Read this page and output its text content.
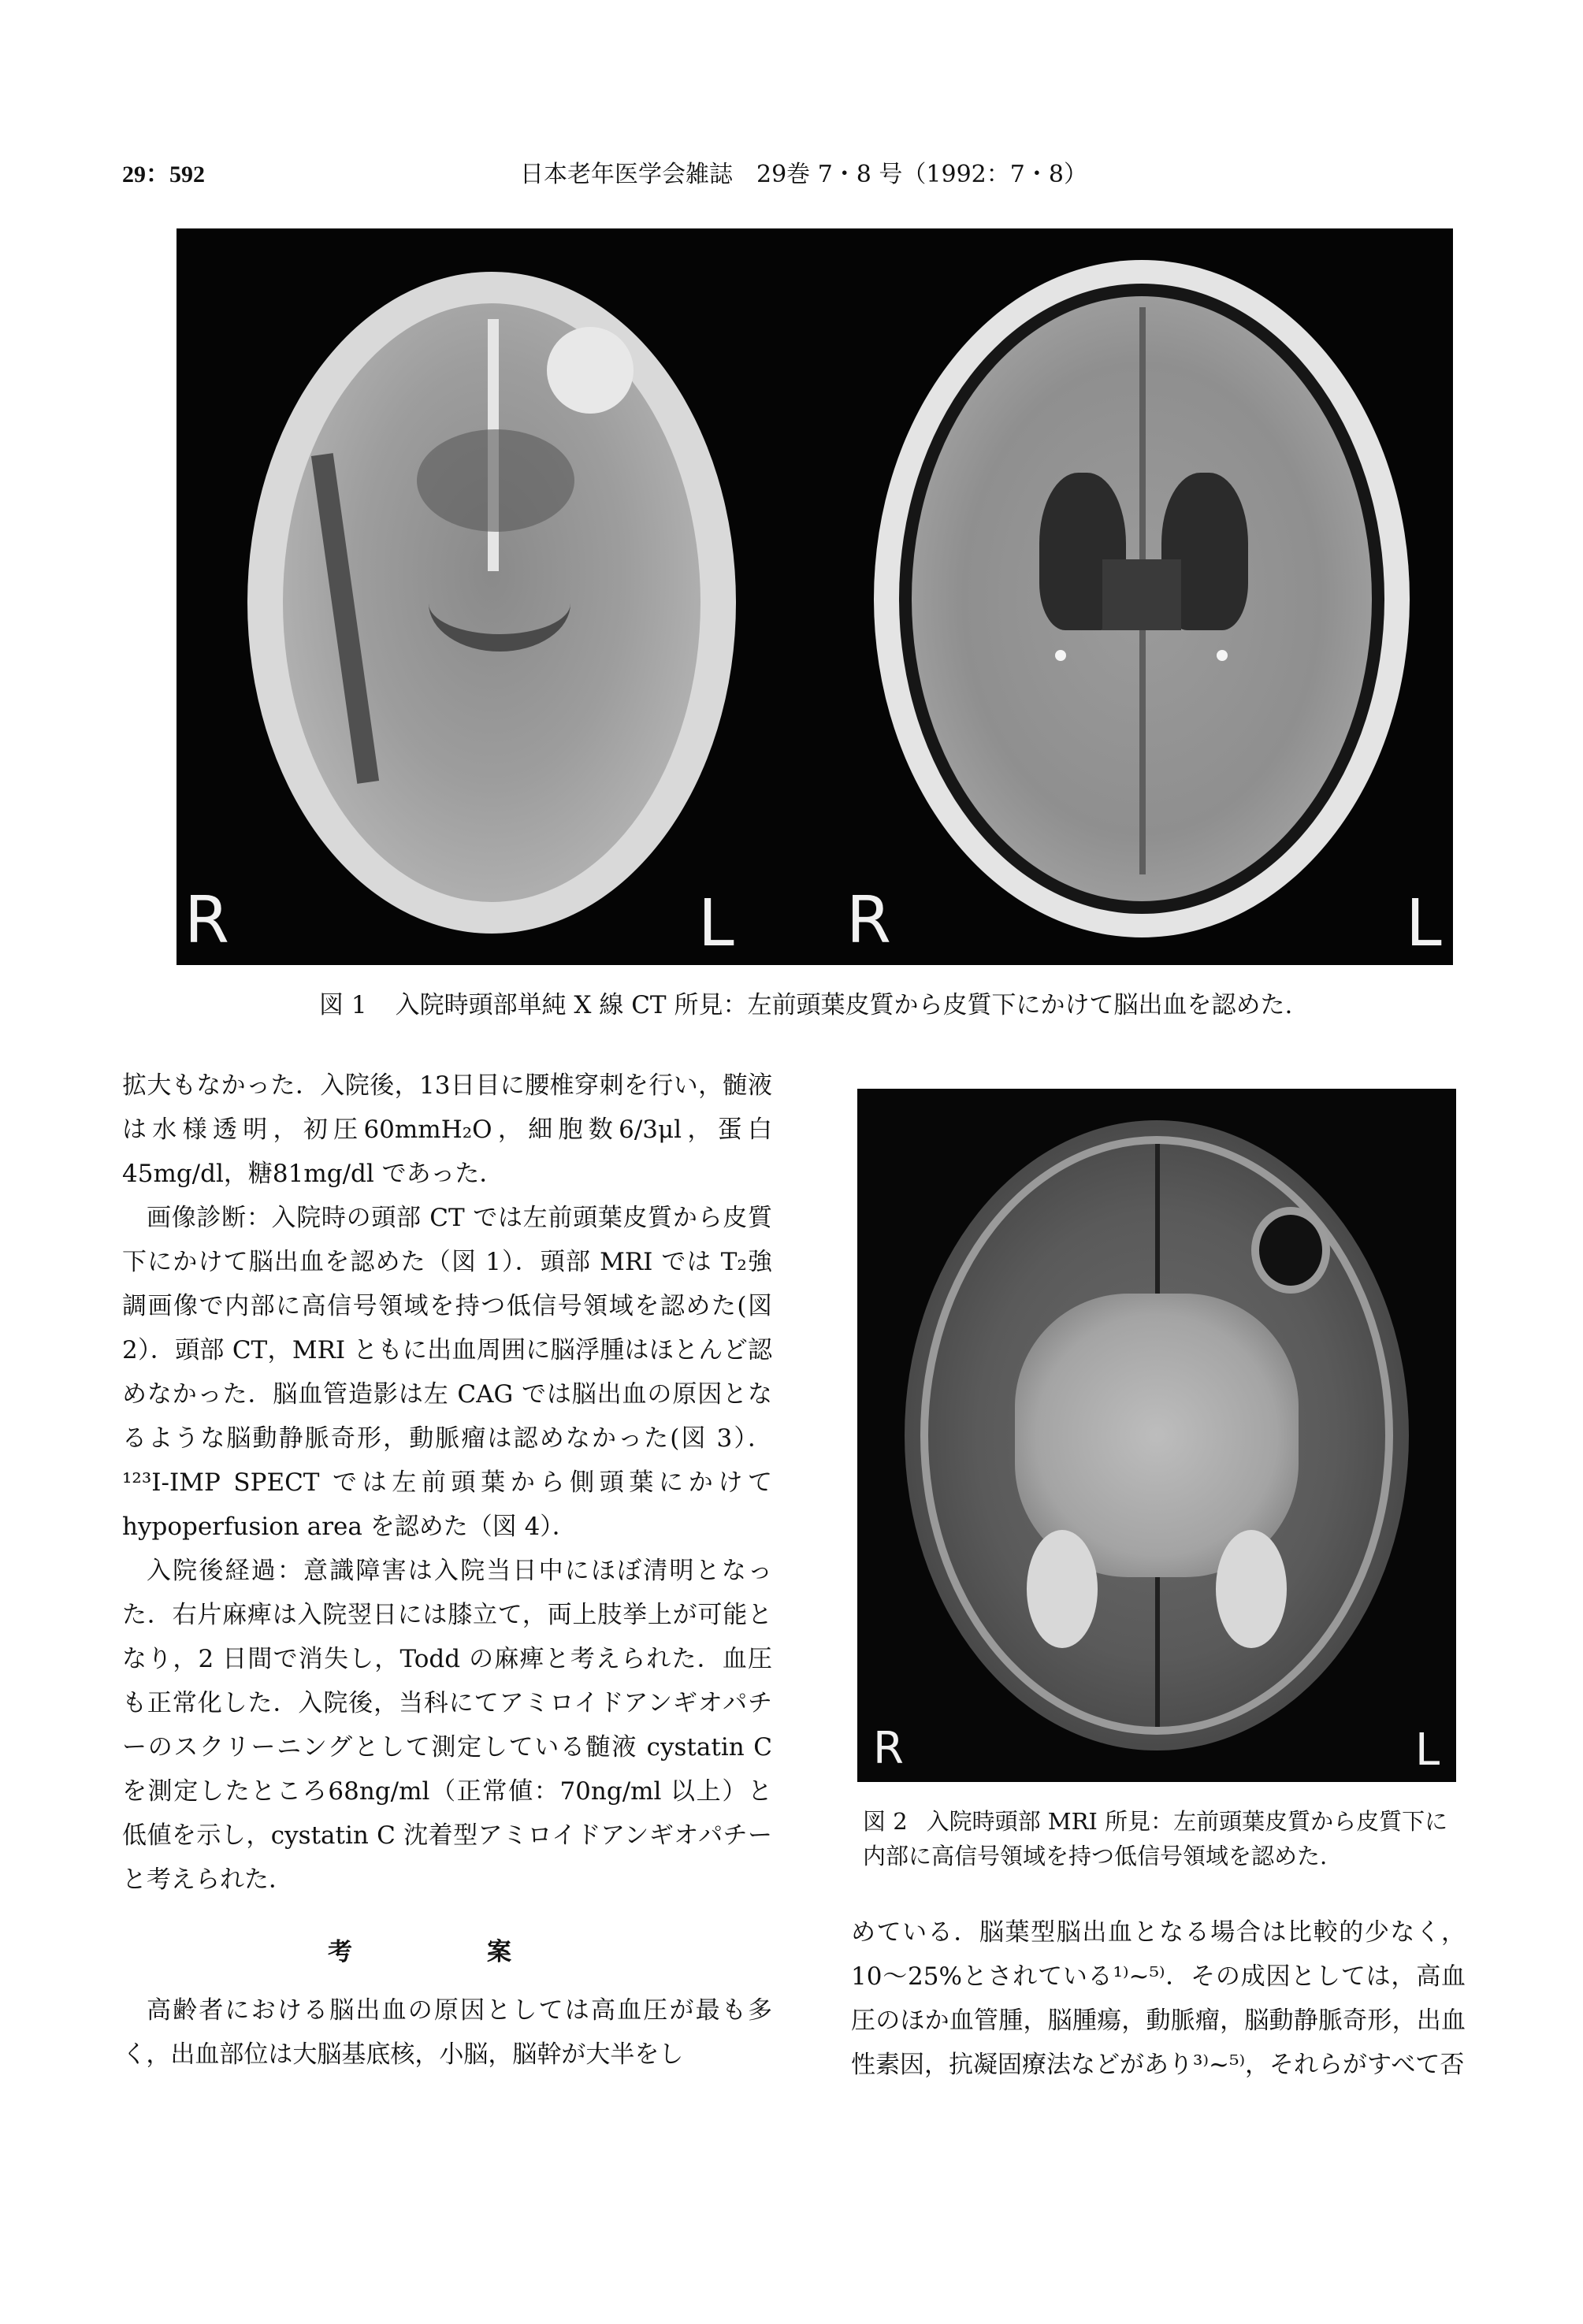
29：592	日本老年医学会雑誌　29巻 7・8 号（1992：7・8）
R	L R	L
図 1 入院時頭部単純 X 線 CT 所見：左前頭葉皮質から皮質下にかけて脳出血を認めた.

拡大もなかった．入院後，13日目に腰椎穿刺を行い，髄液は水様透明，初圧60mmH₂O，細胞数6/3μl，蛋白45mg/dl，糖81mg/dl であった．

画像診断：入院時の頭部 CT では左前頭葉皮質から皮質下にかけて脳出血を認めた（図 1）．頭部 MRI では T₂強調画像で内部に高信号領域を持つ低信号領域を認めた(図 2）．頭部 CT，MRI ともに出血周囲に脳浮腫はほとんど認めなかった．脳血管造影は左 CAG では脳出血の原因となるような脳動静脈奇形，動脈瘤は認めなかった(図 3）．¹²³I-IMP SPECT では左前頭葉から側頭葉にかけて hypoperfusion area を認めた（図 4）．

入院後経過：意識障害は入院当日中にほぼ清明となった．右片麻痺は入院翌日には膝立て，両上肢挙上が可能となり，2 日間で消失し，Todd の麻痺と考えられた．血圧も正常化した．入院後，当科にてアミロイドアンギオパチーのスクリーニングとして測定している髄液 cystatin C を測定したところ68ng/ml（正常値：70ng/ml 以上）と低値を示し，cystatin C 沈着型アミロイドアンギオパチーと考えられた．

考　案

高齢者における脳出血の原因としては高血圧が最も多く，出血部位は大脳基底核，小脳，脳幹が大半をし

R	L
図 2 入院時頭部 MRI 所見：左前頭葉皮質から皮質下に内部に高信号領域を持つ低信号領域を認めた.

めている．脳葉型脳出血となる場合は比較的少なく，10～25%とされている¹⁾~⁵⁾．その成因としては，高血圧のほか血管腫，脳腫瘍，動脈瘤，脳動静脈奇形，出血性素因，抗凝固療法などがあり³⁾~⁵⁾，それらがすべて否
